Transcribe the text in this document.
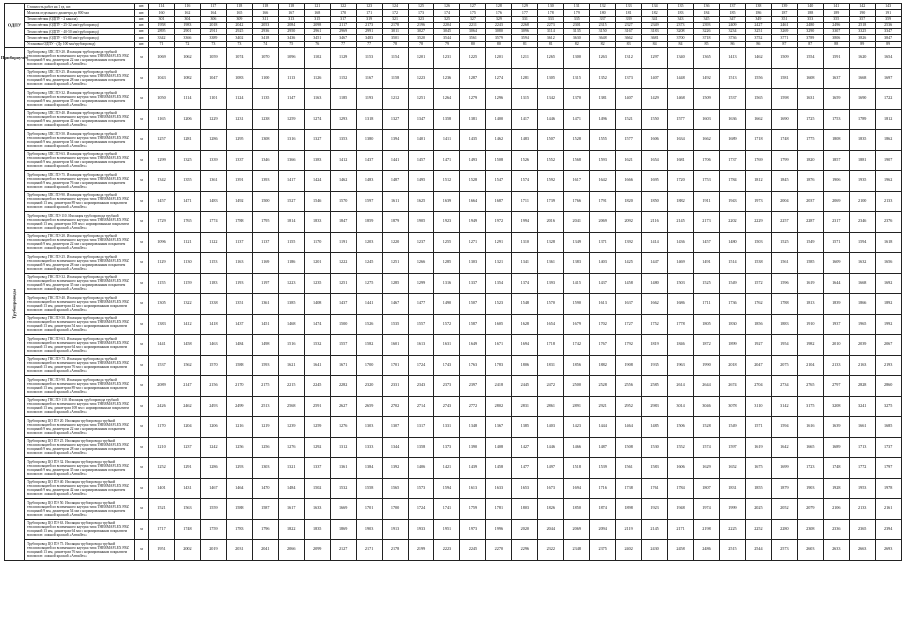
ОДПУ	Стоимость работ на 1 ед. шт.	шт.	114	116	117	118	118	118	121	122	123	124	125	126	127	128	129	130	131	132	133	134	135	136	137	138	139	140	141	142	143
	Монтаж отдельного диаметра до 800 мм	шт.	160	162	164	165	166	167	168	170	171	172	173	174	175	176	177	178	179	180	181	182	183	184	185	186	187	188	189	190	191
	Теплосчётчик (ОДПУ - 2 канала)	шт.	301	304	306	309	311	313	315	317	319	321	323	325	327	329	331	333	335	337	339	341	343	345	347	349	351	353	355	357	359
	Теплосчётчик (ОДПУ - 25-32 мм/трубопровод)	шт.	1958	1983	2018	2042	2053	2084	2098	2117	2173	2178	2196	2204	2211	2243	2268	2273	2301	2315	2327	2349	2373	2393	2409	2427	2461	2480	2496	2518	2536
	Теплосчётчик (ОДПУ - 40-50 мм/трубопровод)	шт.	2895	2901	2911	2925	2936	2950	2961	2969	2991	3011	3027	3045	3064	3080	3096	3114	3135	3150	3167	3183	3208	3226	3234	3251	3269	3290	3307	3325	3347
	Теплосчётчик (ОДПУ - 65-80 мм/трубопровод)	шт.	3342	3366	3389	3402	3418	3436	3451	3467	3483	3501	3520	3544	3561	3579	3594	3612	3630	3648	3662	3681	3700	3718	3736	3752	3771	3789	3806	3826	3847
	Установка ОДПУ - (Ду 100 мм/трубопровод)	шт.	71	72	73	73	74	75	76	77	77	78	78	79	80	80	81	81	82	82	83	84	84	85	86	86	87	87	88	89	89

Прибороучёт
Трубопроводы	Трубопровод ЗПС ПЭ 20. Изоляция трубопровода трубной теплоизоляцией из вспененного каучука типа THERMAFLEX FRZ толщиной 9 мм, диаметром 22 мм с нормированным покрытием вспомогат. ложной краской «Armaflex»	м	1069	1062	1059	1074	1070	1096	1102	1129	1153	1154	1201	1231	1225	1201	1211	1265	1300	1263	1312	1297	1340	1365	1413	1462	1509	1554	1591	1620	1654
	Трубопровод ЗПС ПЭ 25. Изоляция трубопровода трубной теплоизоляцией из вспененного каучука типа THERMAFLEX FRZ толщиной 9 мм, диаметром 28 мм с нормированным покрытием вспомогат. ложной краской «Armaflex»	м	1043	1082	1047	1083	1100	1113	1126	1152	1167	1158	1223	1236	1287	1274	1281	1305	1315	1352	1373	1407	1448	1492	1513	1556	1581	1608	1637	1668	1697
	Трубопровод ЗПС ПЭ 32. Изоляция трубопровода трубной теплоизоляцией из вспененного каучука типа THERMAFLEX FRZ толщиной 9 мм, диаметром 35 мм с нормированным покрытием вспомогат. ложной краской «Armaflex»	м	1050	1114	1101	1124	1135	1147	1163	1185	1193	1212	1251	1264	1279	1296	1315	1342	1370	1381	1407	1429	1468	1509	1537	1565	1598	1631	1659	1690	1722
	Трубопровод ЗПС ПЭ 40. Изоляция трубопровода трубной теплоизоляцией из вспененного каучука типа THERMAFLEX FRZ толщиной 9 мм, диаметром 42 мм с нормированным покрытием вспомогат. ложной краской «Armaflex»	м	1165	1206	1229	1231	1238	1259	1274	1293	1318	1327	1347	1358	1381	1400	1417	1446	1471	1496	1521	1550	1577	1603	1636	1662	1690	1725	1753	1789	1812
	Трубопровод ЗПС ПЭ 50. Изоляция трубопровода трубной теплоизоляцией из вспененного каучука типа THERMAFLEX FRZ толщиной 9 мм, диаметром 54 мм с нормированным покрытием вспомогат. ложной краской «Armaflex»	м	1257	1281	1286	1295	1308	1316	1327	1353	1380	1394	1401	1411	1435	1462	1483	1507	1528	1555	1577	1606	1634	1662	1689	1718	1748	1775	1808	1835	1862
	Трубопровод ЗПС ПЭ 63. Изоляция трубопровода трубной теплоизоляцией из вспененного каучука типа THERMAFLEX FRZ толщиной 9 мм, диаметром 64 мм с нормированным покрытием вспомогат. ложной краской «Armaflex»	м	1299	1325	1339	1337	1346	1366	1383	1412	1437	1441	1457	1471	1493	1508	1526	1552	1568	1593	1621	1654	1681	1706	1737	1769	1799	1820	1857	1881	1907
	Трубопровод ЗПС ПЭ 75. Изоляция трубопровода трубной теплоизоляцией из вспененного каучука типа THERMAFLEX FRZ толщиной 9 мм, диаметром 76 мм с нормированным покрытием вспомогат. ложной краской «Armaflex»	м	1342	1355	1361	1391	1393	1417	1424	1462	1483	1487	1495	1512	1528	1547	1574	1592	1617	1642	1666	1695	1720	1753	1784	1812	1845	1876	1906	1935	1962
	Трубопровод ЗПС ПЭ 90. Изоляция трубопровода трубной теплоизоляцией из вспененного каучука типа THERMAFLEX FRZ толщиной 13 мм, диаметром 89 мм с нормированным покрытием вспомогат. ложной краской «Armaflex»	м	1457	1471	1483	1492	1500	1527	1546	1570	1597	1611	1625	1639	1664	1687	1711	1739	1766	1791	1820	1850	1882	1911	1943	1973	2004	2037	2069	2100	2133
	Трубопровод ЗПС ПЭ 110. Изоляция трубопровода трубной теплоизоляцией из вспененного каучука типа THERMAFLEX FRZ толщиной 13 мм, диаметром 108 мм с нормированным покрытием вспомогат. ложной краской «Armaflex»	м	1729	1765	1774	1788	1795	1814	1833	1847	1859	1879	1905	1923	1949	1972	1994	2016	2041	2069	2092	2116	2145	2173	2202	2229	2257	2287	2317	2346	2376
	Трубопровод ГВС ПЭ 20. Изоляция трубопровода трубной теплоизоляцией из вспененного каучука типа THERMAFLEX FRZ толщиной 9 мм, диаметром 22 мм с нормированным покрытием вспомогат. ложной краской «Armaflex»	м	1096	1121	1122	1137	1137	1155	1170	1191	1203	1220	1237	1255	1271	1291	1310	1328	1349	1371	1392	1414	1436	1457	1480	1503	1525	1549	1571	1594	1618
	Трубопровод ГВС ПЭ 25. Изоляция трубопровода трубной теплоизоляцией из вспененного каучука типа THERMAFLEX FRZ толщиной 9 мм, диаметром 28 мм с нормированным покрытием вспомогат. ложной краской «Armaflex»	м	1129	1130	1153	1163	1169	1186	1201	1222	1245	1251	1266	1285	1303	1321	1341	1361	1383	1403	1425	1447	1469	1491	1514	1538	1561	1585	1609	1632	1656
	Трубопровод ГВС ПЭ 32. Изоляция трубопровода трубной теплоизоляцией из вспененного каучука типа THERMAFLEX FRZ толщиной 9 мм, диаметром 35 мм с нормированным покрытием вспомогат. ложной краской «Armaflex»	м	1155	1159	1183	1193	1197	1223	1235	1251	1275	1285	1299	1316	1337	1354	1374	1393	1415	1437	1458	1480	1503	1525	1549	1572	1596	1619	1644	1668	1692
	Трубопровод ГВС ПЭ 40. Изоляция трубопровода трубной теплоизоляцией из вспененного каучука типа THERMAFLEX FRZ толщиной 13 мм, диаметром 42 мм с нормированным покрытием вспомогат. ложной краской «Armaflex»	м	1305	1322	1338	1351	1361	1385	1408	1437	1441	1467	1477	1490	1507	1523	1548	1570	1590	1613	1637	1662	1686	1711	1736	1762	1788	1813	1839	1866	1892
	Трубопровод ГВС ПЭ 50. Изоляция трубопровода трубной теплоизоляцией из вспененного каучука типа THERMAFLEX FRZ толщиной 13 мм, диаметром 54 мм с нормированным покрытием вспомогат. ложной краской «Armaflex»	м	1383	1412	1418	1437	1451	1468	1474	1500	1526	1535	1557	1572	1587	1605	1628	1654	1679	1702	1727	1752	1778	1805	1830	1856	1883	1910	1937	1965	1992
	Трубопровод ГВС ПЭ 63. Изоляция трубопровода трубной теплоизоляцией из вспененного каучука типа THERMAFLEX FRZ толщиной 13 мм, диаметром 64 мм с нормированным покрытием вспомогат. ложной краской «Armaflex»	м	1441	1458	1463	1484	1498	1516	1532	1557	1582	1601	1613	1631	1649	1671	1694	1718	1742	1767	1792	1819	1846	1872	1899	1927	1954	1982	2010	2039	2067
	Трубопровод ГВС ПЭ 75. Изоляция трубопровода трубной теплоизоляцией из вспененного каучука типа THERMAFLEX FRZ толщиной 13 мм, диаметром 76 мм с нормированным покрытием вспомогат. ложной краской «Armaflex»	м	1537	1562	1570	1588	1593	1621	1641	1671	1700	1701	1724	1743	1763	1783	1806	1831	1856	1882	1908	1935	1963	1990	2018	2047	2075	2104	2133	2163	2193
	Трубопровод ГВС ПЭ 90. Изоляция трубопровода трубной теплоизоляцией из вспененного каучука типа THERMAFLEX FRZ толщиной 13 мм, диаметром 89 мм с нормированным покрытием вспомогат. ложной краской «Armaflex»	м	2089	2147	2156	2170	2175	2215	2245	2282	2320	2331	2343	2373	2397	2418	2445	2472	2500	2528	2556	2585	2614	2644	2674	2704	2734	2765	2797	2828	2860
	Трубопровод ГВС ПЭ 110. Изоляция трубопровода трубной теплоизоляцией из вспененного каучука типа THERMAFLEX FRZ толщиной 13 мм, диаметром 108 мм с нормированным покрытием вспомогат. ложной краской «Armaflex»	м	2426	2462	2493	2499	2513	2568	2591	2627	2659	2702	2714	2743	2772	2802	2831	2861	2891	2921	2952	2983	3014	3046	3078	3110	3142	3175	3208	3241	3275
	Трубопровод ЦО ПЭ 20. Изоляция трубопровода трубной теплоизоляцией из вспененного каучука типа THERMAFLEX FRZ толщиной 9 мм, диаметром 22 мм с нормированным покрытием вспомогат. ложной краской «Armaflex»	м	1170	1204	1206	1216	1219	1239	1259	1276	1303	1307	1317	1331	1348	1367	1385	1403	1423	1444	1464	1485	1506	1528	1549	1571	1594	1616	1639	1661	1685
	Трубопровод ЦО ПЭ 25. Изоляция трубопровода трубной теплоизоляцией из вспененного каучука типа THERMAFLEX FRZ толщиной 9 мм, диаметром 28 мм с нормированным покрытием вспомогат. ложной краской «Armaflex»	м	1210	1237	1242	1256	1256	1276	1292	1312	1333	1344	1358	1373	1390	1408	1427	1446	1466	1487	1508	1530	1552	1574	1597	1619	1642	1665	1689	1713	1737
	Трубопровод ЦО ПЭ 32. Изоляция трубопровода трубной теплоизоляцией из вспененного каучука типа THERMAFLEX FRZ толщиной 9 мм, диаметром 35 мм с нормированным покрытием вспомогат. ложной краской «Armaflex»	м	1252	1291	1286	1293	1303	1321	1337	1361	1384	1392	1406	1421	1439	1458	1477	1497	1518	1539	1561	1583	1606	1629	1652	1675	1699	1723	1748	1772	1797
	Трубопровод ЦО ПЭ 40. Изоляция трубопровода трубной теплоизоляцией из вспененного каучука типа THERMAFLEX FRZ толщиной 9 мм, диаметром 42 мм с нормированным покрытием вспомогат. ложной краской «Armaflex»	м	1401	1431	1467	1464	1470	1484	1502	1532	1558	1565	1573	1594	1613	1633	1653	1673	1694	1716	1738	1761	1784	1807	1831	1855	1879	1903	1928	1953	1978
	Трубопровод ЦО ПЭ 50. Изоляция трубопровода трубной теплоизоляцией из вспененного каучука типа THERMAFLEX FRZ толщиной 9 мм, диаметром 54 мм с нормированным покрытием вспомогат. ложной краской «Armaflex»	м	1521	1563	1559	1588	1587	1617	1633	1669	1701	1700	1724	1741	1759	1781	1803	1826	1850	1874	1898	1923	1948	1974	1999	2025	2052	2079	2106	2133	2161
	Трубопровод ЦО ПЭ 63. Изоляция трубопровода трубной теплоизоляцией из вспененного каучука типа THERMAFLEX FRZ толщиной 13 мм, диаметром 64 мм с нормированным покрытием вспомогат. ложной краской «Armaflex»	м	1717	1748	1759	1783	1796	1822	1835	1869	1903	1913	1933	1951	1973	1996	2020	2044	2069	2094	2119	2145	2171	2198	2225	2252	2280	2308	2336	2365	2394
	Трубопровод ЦО ПЭ 75. Изоляция трубопровода трубной теплоизоляцией из вспененного каучука типа THERMAFLEX FRZ толщиной 13 мм, диаметром 76 мм с нормированным покрытием вспомогат. ложной краской «Armaflex»	м	1951	2002	2019	2031	2041	2066	2099	2127	2171	2178	2199	2223	2245	2270	2296	2322	2348	2375	2402	2430	2458	2486	2515	2544	2573	2603	2633	2663	2693
